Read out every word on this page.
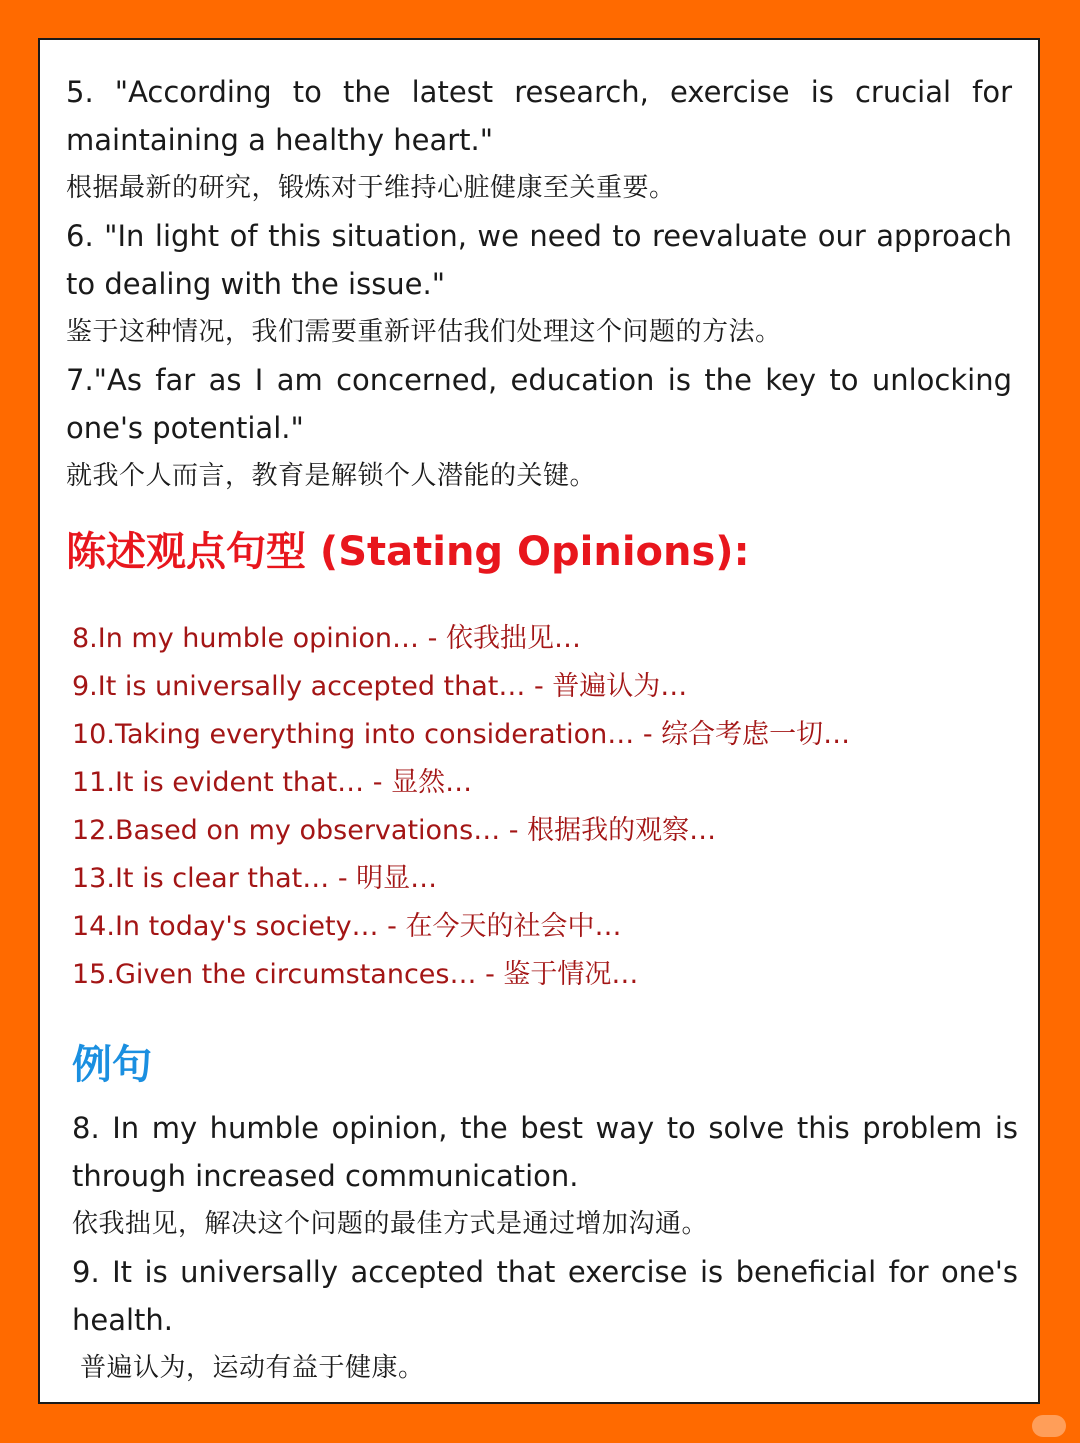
5. "According to the latest research, exercise is crucial for maintaining a healthy heart."
根据最新的研究，锻炼对于维持心脏健康至关重要。
6. "In light of this situation, we need to reevaluate our approach to dealing with the issue."
鉴于这种情况，我们需要重新评估我们处理这个问题的方法。
7."As far as I am concerned, education is the key to unlocking one's potential."
就我个人而言，教育是解锁个人潜能的关键。
陈述观点句型 (Stating Opinions):
8.In my humble opinion… - 依我拙见…
9.It is universally accepted that… - 普遍认为…
10.Taking everything into consideration… - 综合考虑一切…
11.It is evident that… - 显然…
12.Based on my observations… - 根据我的观察…
13.It is clear that… - 明显…
14.In today's society… - 在今天的社会中…
15.Given the circumstances… - 鉴于情况…
例句
8. In my humble opinion, the best way to solve this problem is through increased communication.
依我拙见，解决这个问题的最佳方式是通过增加沟通。
9. It is universally accepted that exercise is beneficial for one's health.
普遍认为，运动有益于健康。
